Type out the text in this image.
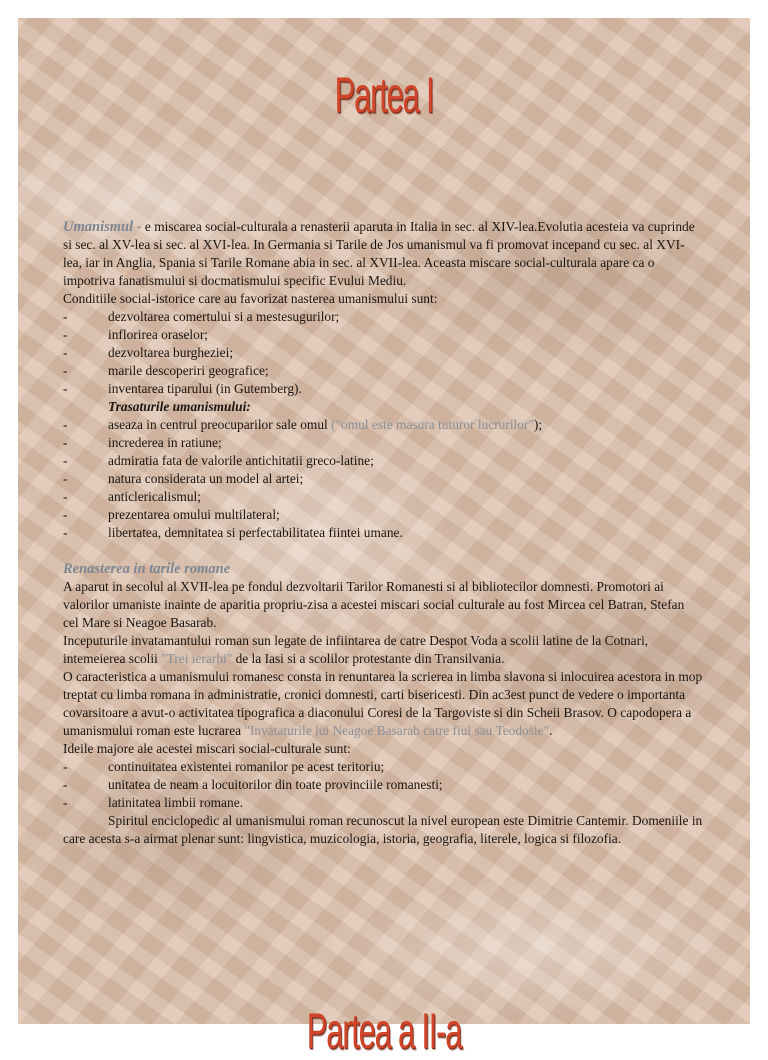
Partea I

Umanismul - e miscarea social-culturala a renasterii aparuta in Italia in sec. al XIV-lea.Evolutia acesteia va cuprinde si sec. al XV-lea si sec. al XVI-lea. In Germania si Tarile de Jos umanismul va fi promovat incepand cu sec. al XVI-lea, iar in Anglia, Spania si Tarile Romane abia in sec. al XVII-lea. Aceasta miscare social-culturala apare ca o impotriva fanatismului si docmatismului specific Evului Mediu.

Conditiile social-istorice care au favorizat nasterea umanismului sunt:

-	dezvoltarea comertului si a mestesugurilor;
-	inflorirea oraselor;
-	dezvoltarea burgheziei;
-	marile descoperiri geografice;
-	inventarea tiparului (in Gutemberg).

Trasaturile umanismului:

-	aseaza in centrul preocuparilor sale omul ("omul este masura tuturor lucrurilor");
-	increderea in ratiune;
-	admiratia fata de valorile antichitatii greco-latine;
-	natura considerata un model al artei;
-	anticlericalismul;
-	prezentarea omului multilateral;
-	libertatea, demnitatea si perfectabilitatea fiintei umane.

Renasterea in tarile romane

A aparut in secolul al XVII-lea pe fondul dezvoltarii Tarilor Romanesti si al bibliotecilor domnesti. Promotori ai valorilor umaniste inainte de aparitia propriu-zisa a acestei miscari social culturale au fost Mircea cel Batran, Stefan cel Mare si Neagoe Basarab.

Inceputurile invatamantului roman sun legate de infiintarea de catre Despot Voda a scolii latine de la Cotnari, intemeierea scolii "Trei ierarhi" de la Iasi si a scolilor protestante din Transilvania.

O caracteristica a umanismului romanesc consta in renuntarea la scrierea in limba slavona si inlocuirea acestora in mop treptat cu limba romana in administratie, cronici domnesti, carti bisericesti. Din ac3est punct de vedere o importanta covarsitoare a avut-o activitatea tipografica a diaconului Coresi de la Targoviste si din Scheii Brasov. O capodopera a umanismului roman este lucrarea "Invataturile lui Neagoe Basarab catre fiul sau Teodosie".

Ideile majore ale acestei miscari social-culturale sunt:

-	continuitatea existentei romanilor pe acest teritoriu;
-	unitatea de neam a locuitorilor din toate provinciile romanesti;
-	latinitatea limbii romane.

Spiritul enciclopedic al umanismului roman recunoscut la nivel european este Dimitrie Cantemir. Domeniile in care acesta s-a airmat plenar sunt: lingvistica, muzicologia, istoria, geografia, literele, logica si filozofia.

Partea a II-a
